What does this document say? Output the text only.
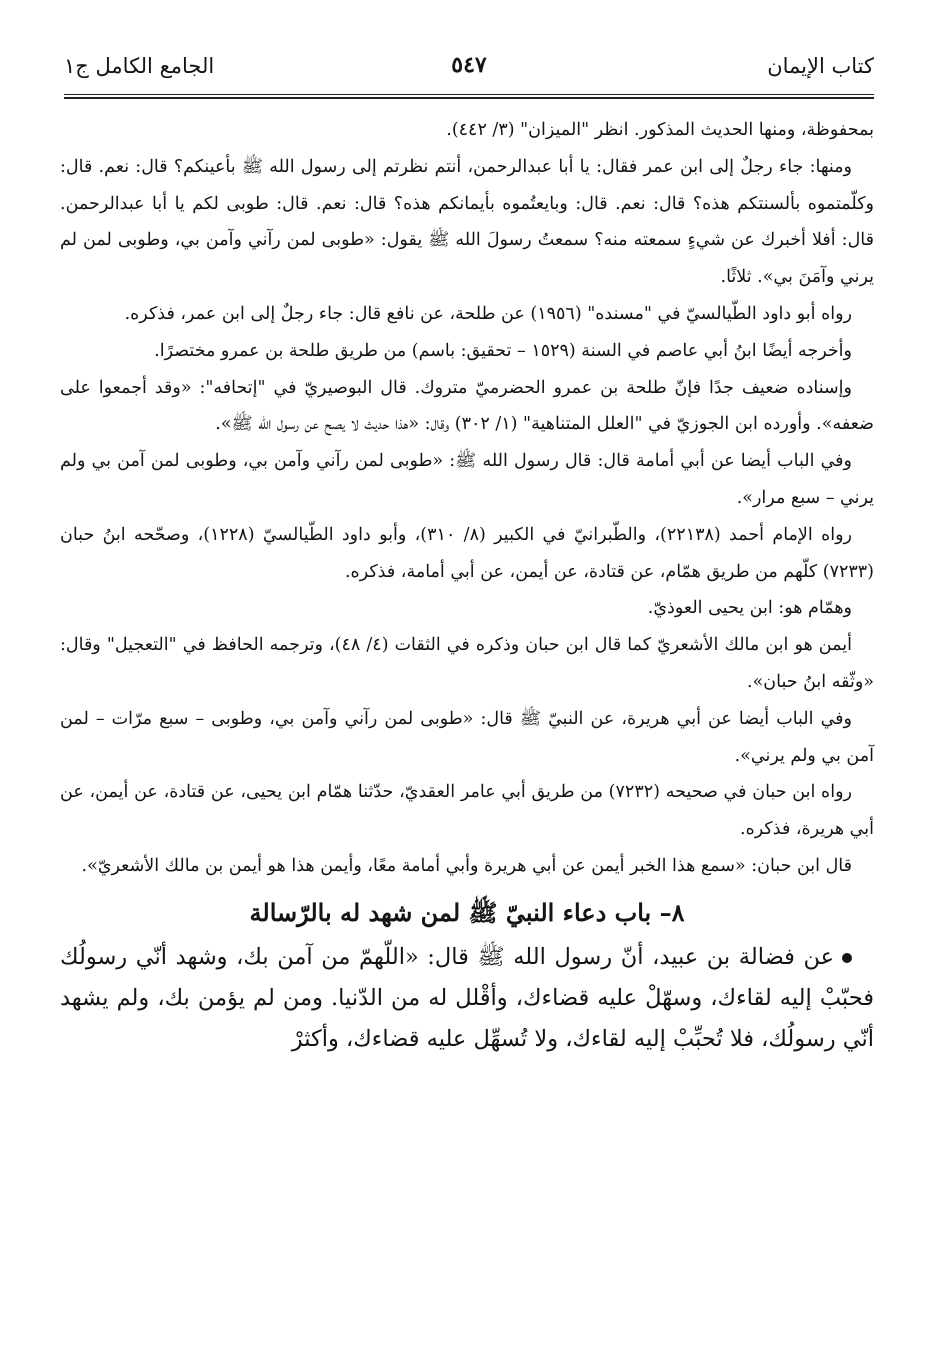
كتاب الإيمان
٥٤٧
الجامع الكامل ج١

بمحفوظة، ومنها الحديث المذكور. انظر "الميزان" (٣/ ٤٤٢).

ومنها: جاء رجلٌ إلى ابن عمر فقال: يا أبا عبدالرحمن، أنتم نظرتم إلى رسول الله ﷺ بأعينكم؟ قال: نعم. قال: وكلّمتموه بألسنتكم هذه؟ قال: نعم. قال: وبايعتُموه بأيمانكم هذه؟ قال: نعم. قال: طوبى لكم يا أبا عبدالرحمن. قال: أفلا أخبرك عن شيءٍ سمعته منه؟ سمعتُ رسولَ الله ﷺ يقول: «طوبى لمن رآني وآمن بي، وطوبى لمن لم يرني وآمَنَ بي». ثلاثًا.

رواه أبو داود الطّيالسيّ في "مسنده" (١٩٥٦) عن طلحة، عن نافع قال: جاء رجلٌ إلى ابن عمر، فذكره.

وأخرجه أيضًا ابنُ أبي عاصم في السنة (١٥٢٩ – تحقيق: باسم) من طريق طلحة بن عمرو مختصرًا.

وإسناده ضعيف جدًا فإنّ طلحة بن عمرو الحضرميّ متروك. قال البوصيريّ في "إتحافه": «وقد أجمعوا على ضعفه». وأورده ابن الجوزيّ في "العلل المتناهية" (١/ ٣٠٢) وقال: «هذا حديث لا يصح عن رسول الله ﷺ».

وفي الباب أيضا عن أبي أمامة قال: قال رسول الله ﷺ: «طوبى لمن رآني وآمن بي، وطوبى لمن آمن بي ولم يرني – سبع مرار».

رواه الإمام أحمد (٢٢١٣٨)، والطّبرانيّ في الكبير (٨/ ٣١٠)، وأبو داود الطّيالسيّ (١٢٢٨)، وصحّحه ابنُ حبان (٧٢٣٣) كلّهم من طريق همّام، عن قتادة، عن أيمن، عن أبي أمامة، فذكره.

وهمّام هو: ابن يحيى العوذيّ.

أيمن هو ابن مالك الأشعريّ كما قال ابن حبان وذكره في الثقات (٤/ ٤٨)، وترجمه الحافظ في "التعجيل" وقال: «وثّقه ابنُ حبان».

وفي الباب أيضا عن أبي هريرة، عن النبيّ ﷺ قال: «طوبى لمن رآني وآمن بي، وطوبى – سبع مرّات – لمن آمن بي ولم يرني».

رواه ابن حبان في صحيحه (٧٢٣٢) من طريق أبي عامر العقديّ، حدّثنا همّام ابن يحيى، عن قتادة، عن أيمن، عن أبي هريرة، فذكره.

قال ابن حبان: «سمع هذا الخبر أيمن عن أبي هريرة وأبي أمامة معًا، وأيمن هذا هو أيمن بن مالك الأشعريّ».

٨– باب دعاء النبيّ ﷺ لمن شهد له بالرّسالة

عن فضالة بن عبيد، أنّ رسول الله ﷺ قال: «اللّهمّ من آمن بك، وشهد أنّي رسولُك فحبّبْ إليه لقاءك، وسهّلْ عليه قضاءك، وأقْلل له من الدّنيا. ومن لم يؤمن بك، ولم يشهد أنّي رسولُك، فلا تُحبِّبْ إليه لقاءك، ولا تُسهِّل عليه قضاءك، وأكثرْ
